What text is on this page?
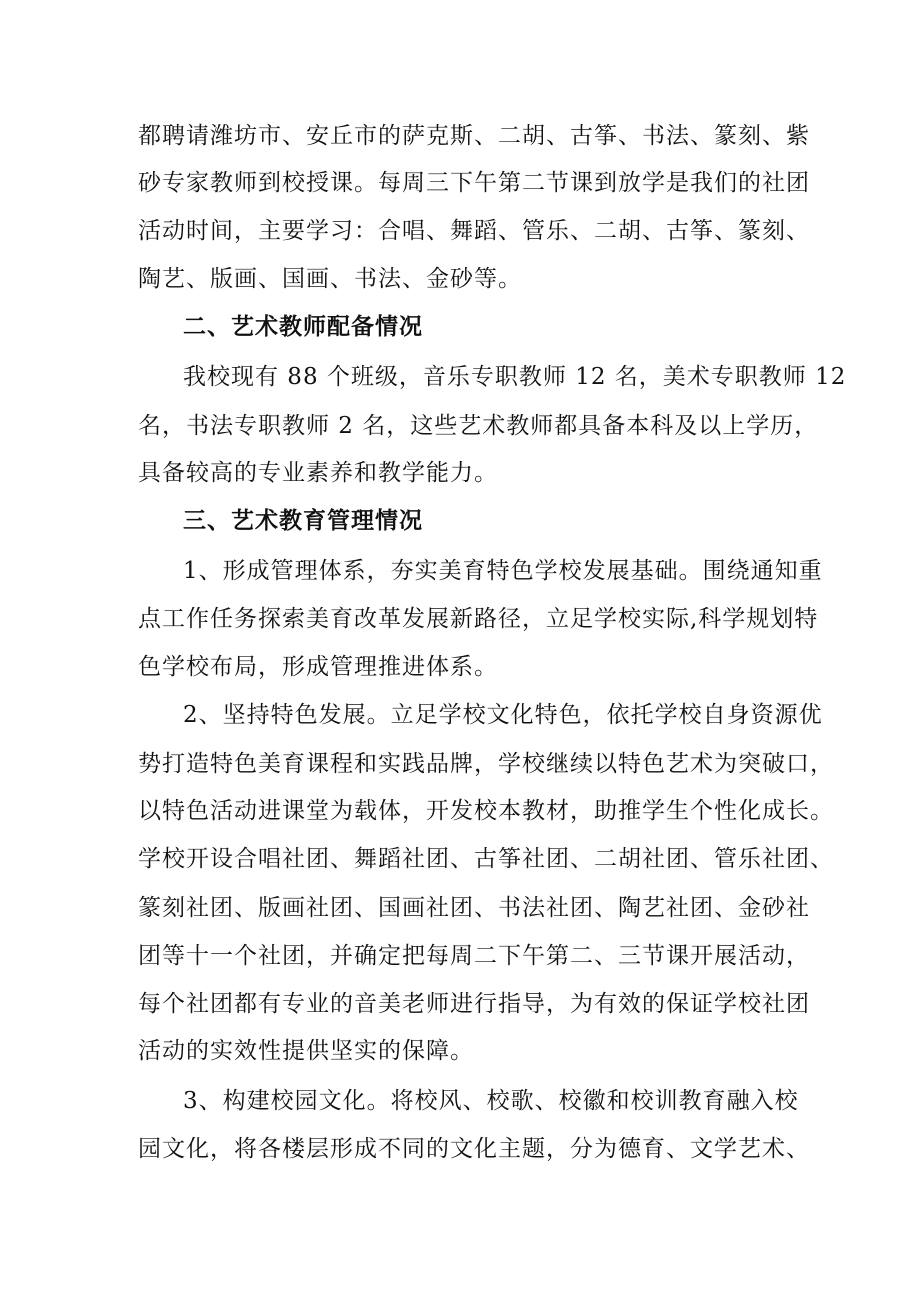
都聘请潍坊市、安丘市的萨克斯、二胡、古筝、书法、篆刻、紫
砂专家教师到校授课。每周三下午第二节课到放学是我们的社团
活动时间，主要学习：合唱、舞蹈、管乐、二胡、古筝、篆刻、
陶艺、版画、国画、书法、金砂等。
二、艺术教师配备情况
我校现有 88 个班级，音乐专职教师 12 名，美术专职教师 12
名，书法专职教师 2 名，这些艺术教师都具备本科及以上学历，
具备较高的专业素养和教学能力。
三、艺术教育管理情况
1、形成管理体系，夯实美育特色学校发展基础。围绕通知重
点工作任务探索美育改革发展新路径，立足学校实际,科学规划特
色学校布局，形成管理推进体系。
2、坚持特色发展。立足学校文化特色，依托学校自身资源优
势打造特色美育课程和实践品牌，学校继续以特色艺术为突破口，
以特色活动进课堂为载体，开发校本教材，助推学生个性化成长。
学校开设合唱社团、舞蹈社团、古筝社团、二胡社团、管乐社团、
篆刻社团、版画社团、国画社团、书法社团、陶艺社团、金砂社
团等十一个社团，并确定把每周二下午第二、三节课开展活动，
每个社团都有专业的音美老师进行指导，为有效的保证学校社团
活动的实效性提供坚实的保障。
3、构建校园文化。将校风、校歌、校徽和校训教育融入校
园文化，将各楼层形成不同的文化主题，分为德育、文学艺术、
